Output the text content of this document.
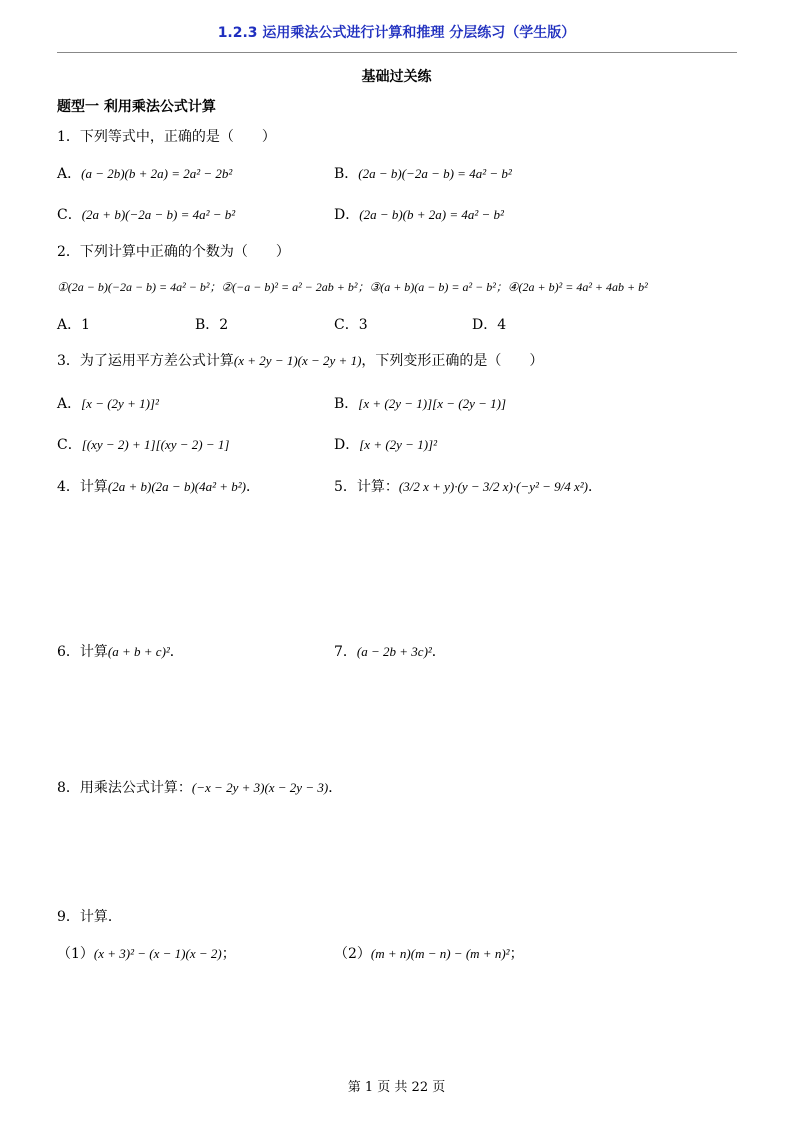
1.2.3 运用乘法公式进行计算和推理 分层练习（学生版）
基础过关练
题型一 利用乘法公式计算
1．下列等式中，正确的是（　　）
A．(a − 2b)(b + 2a) = 2a² − 2b²	B．(2a − b)(−2a − b) = 4a² − b²
C．(2a + b)(−2a − b) = 4a² − b²	D．(2a − b)(b + 2a) = 4a² − b²
2．下列计算中正确的个数为（　　）
①(2a − b)(−2a − b) = 4a² − b²；②(−a − b)² = a² − 2ab + b²；③(a + b)(a − b) = a² − b²；④(2a + b)² = 4a² + 4ab + b²
A．1	B．2	C．3	D．4
3．为了运用平方差公式计算(x + 2y − 1)(x − 2y + 1)，下列变形正确的是（　　）
A．[x − (2y + 1)]²	B．[x + (2y − 1)][x − (2y − 1)]
C．[(xy − 2) + 1][(xy − 2) − 1]	D．[x + (2y − 1)]²
4．计算(2a + b)(2a − b)(4a² + b²)．	5．计算：(3/2 x + y)·(y − 3/2 x)·(−y² − 9/4 x²)．
6．计算(a + b + c)²．	7．(a − 2b + 3c)²．
8．用乘法公式计算：(−x − 2y + 3)(x − 2y − 3)．
9．计算．
（1）(x + 3)² − (x − 1)(x − 2)；	（2）(m + n)(m − n) − (m + n)²；
第 1 页 共 22 页
